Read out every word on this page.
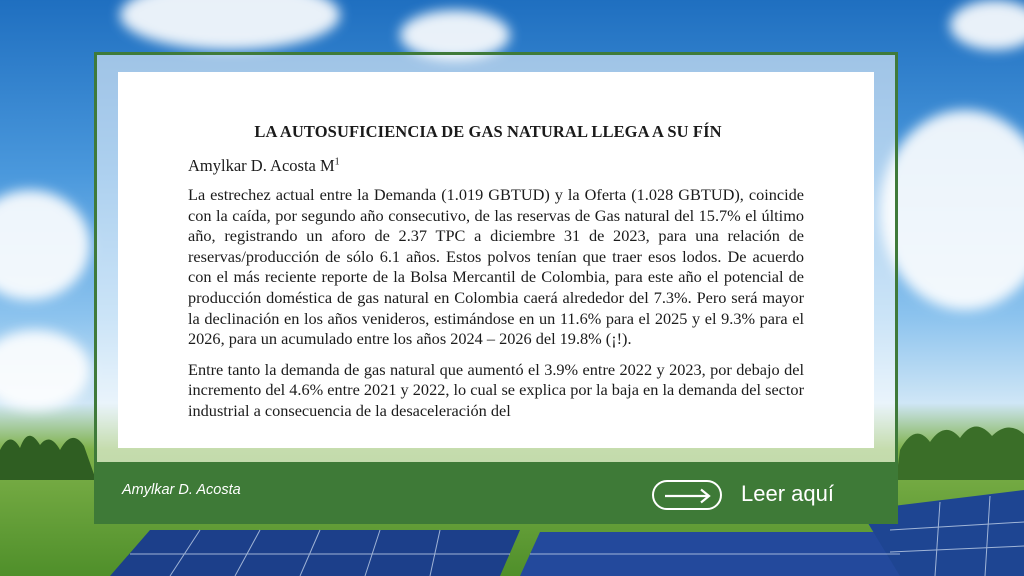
LA AUTOSUFICIENCIA DE GAS NATURAL LLEGA A SU FÍN
Amylkar D. Acosta $M^1$

La estrechez actual entre la Demanda (1.019 GBTUD) y la Oferta (1.028 GBTUD), coincide con la caída, por segundo año consecutivo, de las reservas de Gas natural del 15.7% el último año, registrando un aforo de 2.37 TPC a diciembre 31 de 2023, para una relación de reservas/producción de sólo 6.1 años. Estos polvos tenían que traer esos lodos. De acuerdo con el más reciente reporte de la Bolsa Mercantil de Colombia, para este año el potencial de producción doméstica de gas natural en Colombia caerá alrededor del 7.3%. Pero será mayor la declinación en los años venideros, estimándose en un 11.6% para el 2025 y el 9.3% para el 2026, para un acumulado entre los años 2024 – 2026 del 19.8% (¡!).

Entre tanto la demanda de gas natural que aumentó el 3.9% entre 2022 y 2023, por debajo del incremento del 4.6% entre 2021 y 2022, lo cual se explica por la baja en la demanda del sector industrial a consecuencia de la desaceleración del

Amylkar D. Acosta	Leer aquí
